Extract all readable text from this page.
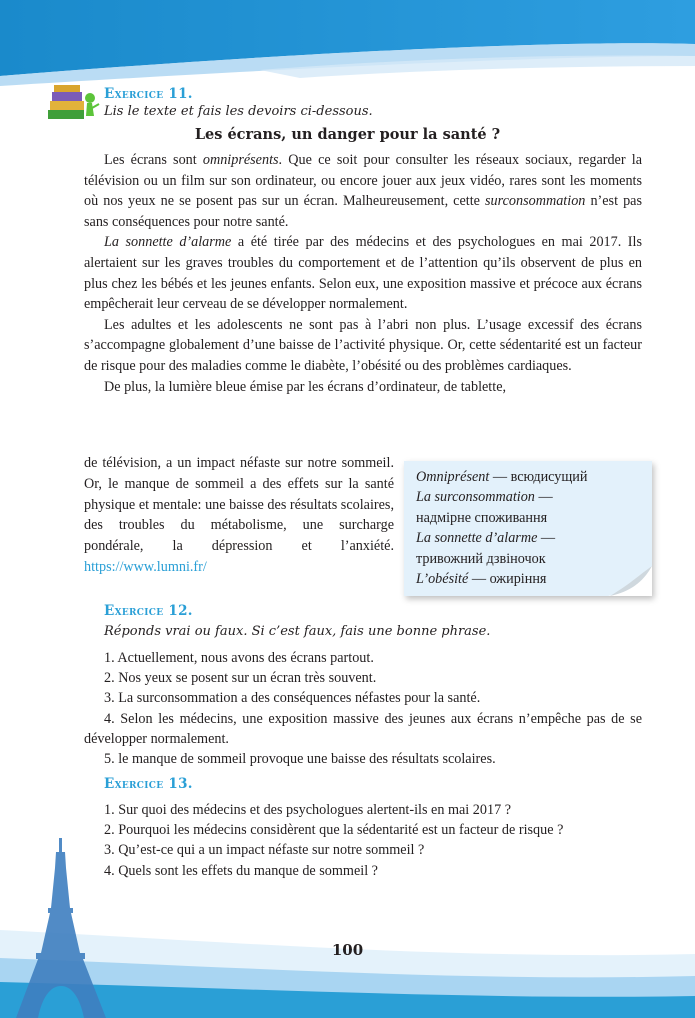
Exercice 11.
Lis le texte et fais les devoirs ci-dessous.
Les écrans, un danger pour la santé ?

Les écrans sont omniprésents. Que ce soit pour consulter les réseaux sociaux, regarder la télévision ou un film sur son ordinateur, ou encore jouer aux jeux vidéo, rares sont les moments où nos yeux ne se posent pas sur un écran. Malheureusement, cette surconsommation n’est pas sans conséquences pour notre santé.

La sonnette d’alarme a été tirée par des médecins et des psychologues en mai 2017. Ils alertaient sur les graves troubles du comportement et de l’attention qu’ils observent de plus en plus chez les bébés et les jeunes enfants. Selon eux, une exposition massive et précoce aux écrans empêcherait leur cerveau de se développer normalement.

Les adultes et les adolescents ne sont pas à l’abri non plus. L’usage excessif des écrans s’accompagne globalement d’une baisse de l’activité physique. Or, cette sédentarité est un facteur de risque pour des maladies comme le diabète, l’obésité ou des problèmes cardiaques.

De plus, la lumière bleue émise par les écrans d’ordinateur, de tablette,

de télévision, a un impact néfaste sur notre sommeil. Or, le manque de sommeil a des effets sur la santé physique et mentale: une baisse des résultats scolaires, des troubles du métabolisme, une surcharge pondérale, la dépression et l’anxiété. https://www.lumni.fr/
Omniprésent — всюдисущий
La surconsommation —
надмірне споживання
La sonnette d’alarme —
тривожний дзвіночок
L’obésité — ожиріння
Exercice 12.
Réponds vrai ou faux. Si c’est faux, fais une bonne phrase.
1. Actuellement, nous avons des écrans partout.
2. Nos yeux se posent sur un écran très souvent.
3. La surconsommation a des conséquences néfastes pour la santé.
4. Selon les médecins, une exposition massive des jeunes aux écrans n’empêche pas de se développer normalement.
5. le manque de sommeil provoque une baisse des résultats scolaires.
Exercice 13.
1. Sur quoi des médecins et des psychologues alertent-ils en mai 2017 ?
2. Pourquoi les médecins considèrent que la sédentarité est un facteur de risque ?
3. Qu’est-ce qui a un impact néfaste sur notre sommeil ?
4. Quels sont les effets du manque de sommeil ?
100
